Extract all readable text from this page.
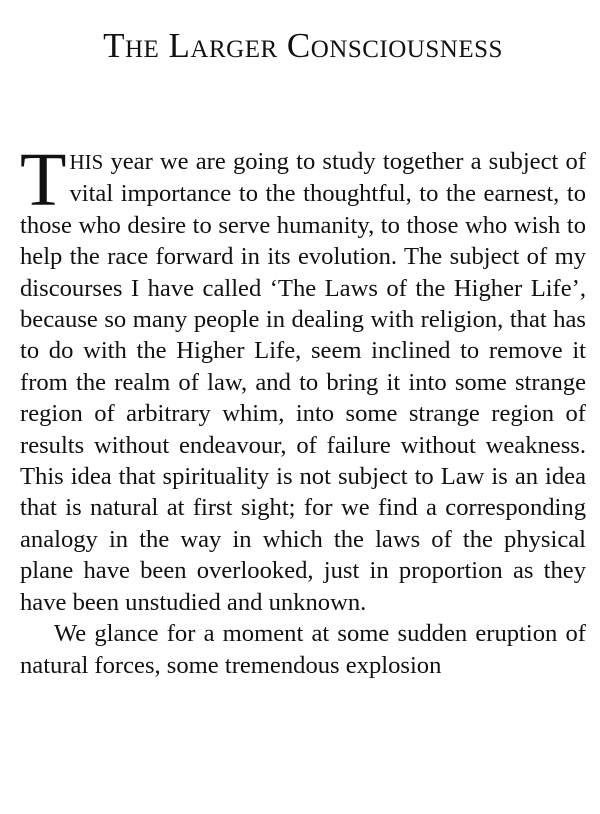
The Larger Consciousness

THIS year we are going to study together a subject of vital importance to the thoughtful, to the earnest, to those who desire to serve humanity, to those who wish to help the race forward in its evolution. The subject of my discourses I have called ‘The Laws of the Higher Life’, because so many people in dealing with religion, that has to do with the Higher Life, seem inclined to remove it from the realm of law, and to bring it into some strange region of arbitrary whim, into some strange region of results without endeavour, of failure without weakness. This idea that spirituality is not subject to Law is an idea that is natural at first sight; for we find a corresponding analogy in the way in which the laws of the physical plane have been overlooked, just in proportion as they have been unstudied and unknown.

We glance for a moment at some sudden eruption of natural forces, some tremendous explosion
